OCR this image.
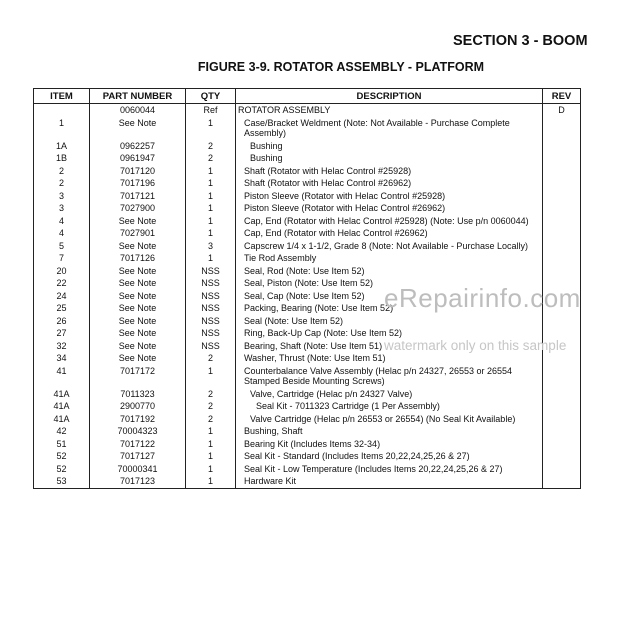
SECTION 3 - BOOM
FIGURE 3-9. ROTATOR ASSEMBLY - PLATFORM
ITEM	PART NUMBER	QTY	DESCRIPTION	REV
	0060044	Ref	ROTATOR ASSEMBLY	D
1	See Note	1	Case/Bracket Weldment (Note: Not Available - Purchase Complete Assembly)	
1A	0962257	2	Bushing	
1B	0961947	2	Bushing	
2	7017120	1	Shaft (Rotator with Helac Control #25928)	
2	7017196	1	Shaft (Rotator with Helac Control #26962)	
3	7017121	1	Piston Sleeve (Rotator with Helac Control #25928)	
3	7027900	1	Piston Sleeve (Rotator with Helac Control #26962)	
4	See Note	1	Cap, End (Rotator with Helac Control #25928) (Note: Use p/n 0060044)	
4	7027901	1	Cap, End (Rotator with Helac Control #26962)	
5	See Note	3	Capscrew 1/4 x 1-1/2, Grade 8 (Note: Not Available - Purchase Locally)	
7	7017126	1	Tie Rod Assembly	
20	See Note	NSS	Seal, Rod (Note: Use Item 52)	
22	See Note	NSS	Seal, Piston (Note: Use Item 52)	
24	See Note	NSS	Seal, Cap (Note: Use Item 52)	
25	See Note	NSS	Packing, Bearing (Note: Use Item 52)	
26	See Note	NSS	Seal (Note: Use Item 52)	
27	See Note	NSS	Ring, Back-Up Cap (Note: Use Item 52)	
32	See Note	NSS	Bearing, Shaft (Note: Use Item 51)	
34	See Note	2	Washer, Thrust (Note: Use Item 51)	
41	7017172	1	Counterbalance Valve Assembly (Helac p/n 24327, 26553 or 26554 Stamped Beside Mounting Screws)	
41A	7011323	2	Valve, Cartridge (Helac p/n 24327 Valve)	
41A	2900770	2	Seal Kit - 7011323 Cartridge (1 Per Assembly)	
41A	7017192	2	Valve Cartridge (Helac p/n 26553 or 26554) (No Seal Kit Available)	
42	70004323	1	Bushing, Shaft	
51	7017122	1	Bearing Kit (Includes Items 32-34)	
52	7017127	1	Seal Kit - Standard (Includes Items 20,22,24,25,26 & 27)	
52	70000341	1	Seal Kit - Low Temperature (Includes Items 20,22,24,25,26 & 27)	
53	7017123	1	Hardware Kit	
eRepairinfo.com
watermark only on this sample
